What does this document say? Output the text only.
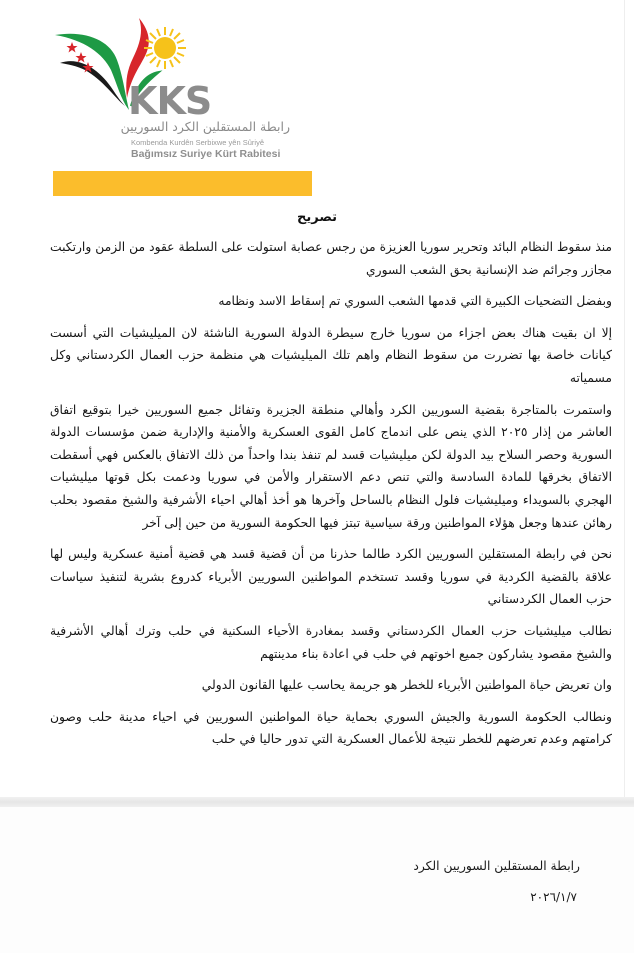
KKS
رابطة المستقلين الكرد السوريين
Kombenda Kurdên Serbixwe yên Sûriyê
Bağımsız Suriye Kürt Rabitesi
تصريح

منذ سقوط النظام البائد وتحرير سوريا العزيزة من رجس عصابة استولت على السلطة عقود من الزمن وارتكبت مجازر وجرائم ضد الإنسانية بحق الشعب السوري

وبفضل التضحيات الكبيرة التي قدمها الشعب السوري تم إسقاط الاسد ونظامه

إلا ان بقيت هناك بعض اجزاء من سوريا خارج سيطرة الدولة السورية الناشئة لان الميليشيات التي أسست كيانات خاصة بها تضررت من سقوط النظام واهم تلك الميليشيات هي منظمة حزب العمال الكردستاني وكل مسمياته

واستمرت بالمتاجرة بقضية السوريين الكرد وأهالي منطقة الجزيرة وتفائل جميع السوريين خيرا بتوقيع اتفاق العاشر من إذار ٢٠٢٥ الذي ينص على اندماج كامل القوى العسكرية والأمنية والإدارية ضمن مؤسسات الدولة السورية وحصر السلاح بيد الدولة لكن ميليشيات قسد لم تنفذ بندا واحداً من ذلك الاتفاق بالعكس فهي أسقطت الاتفاق بخرقها للمادة السادسة والتي تنص دعم الاستقرار والأمن في سوريا ودعمت بكل قوتها ميليشيات الهجري بالسويداء وميليشيات فلول النظام بالساحل وآخرها هو أخذ أهالي احياء الأشرفية والشيخ مقصود بحلب رهائن عندها وجعل هؤلاء المواطنين ورقة سياسية تبتز فيها الحكومة السورية من حين إلى آخر

نحن في رابطة المستقلين السوريين الكرد طالما حذرنا من أن قضية قسد هي قضية أمنية عسكرية وليس لها علاقة بالقضية الكردية في سوريا وقسد تستخدم المواطنين السوريين الأبرياء كدروع بشرية لتنفيذ سياسات حزب العمال الكردستاني

نطالب ميليشيات حزب العمال الكردستاني وقسد بمغادرة الأحياء السكنية في حلب وترك أهالي الأشرفية والشيخ مقصود يشاركون جميع اخوتهم في حلب في اعادة بناء مدينتهم

وان تعريض حياة المواطنين الأبرياء للخطر هو جريمة يحاسب عليها القانون الدولي

ونطالب الحكومة السورية والجيش السوري بحماية حياة المواطنين السوريين في احياء مدينة حلب وصون كرامتهم وعدم تعرضهم للخطر نتيجة للأعمال العسكرية التي تدور حاليا في حلب

رابطة المستقلين السوريين الكرد
٢٠٢٦/١/٧
